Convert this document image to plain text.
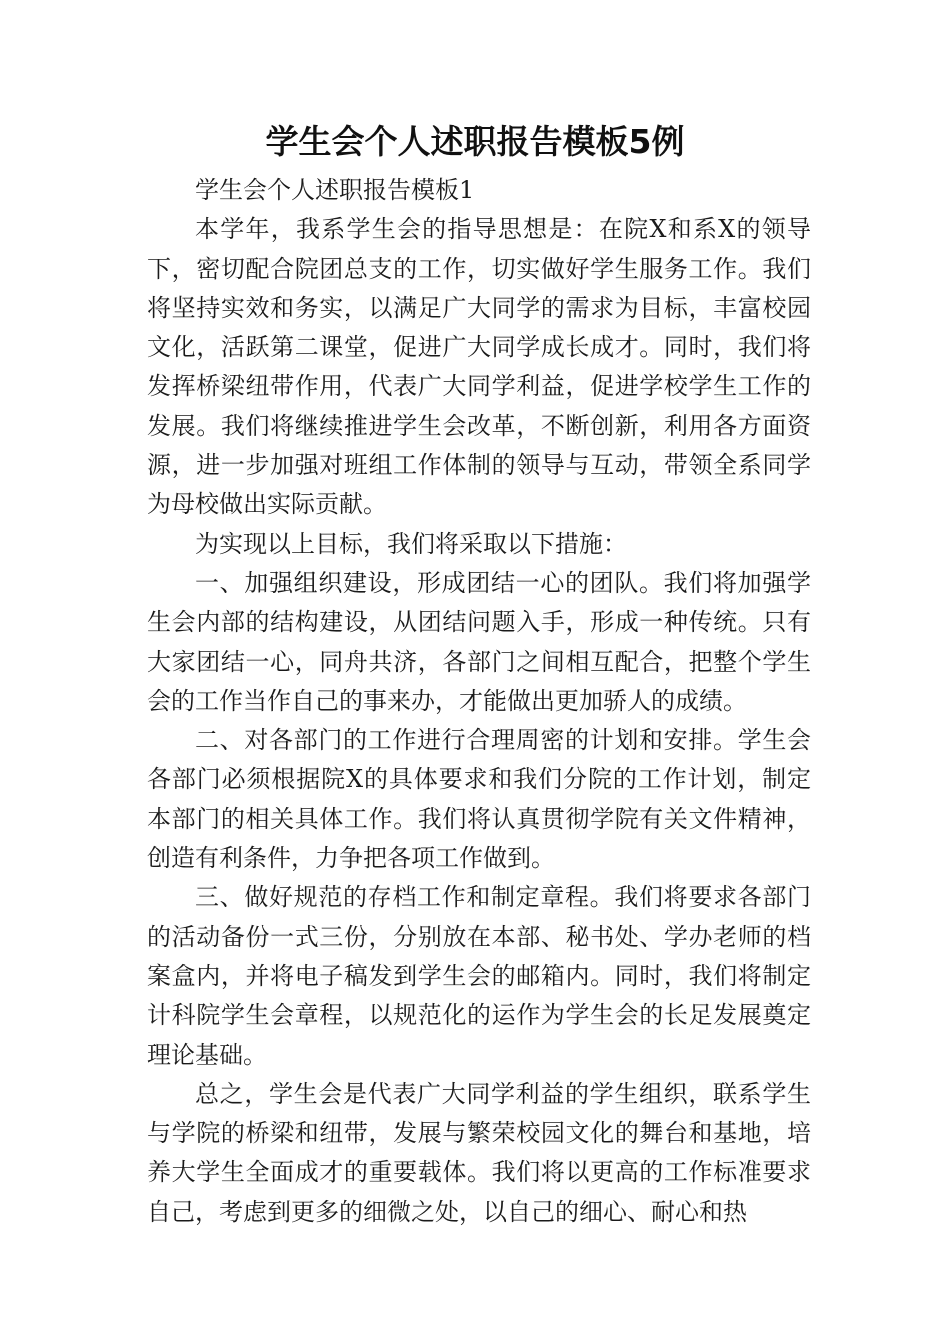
学生会个人述职报告模板5例

学生会个人述职报告模板1

本学年，我系学生会的指导思想是：在院X和系X的领导下，密切配合院团总支的工作，切实做好学生服务工作。我们将坚持实效和务实，以满足广大同学的需求为目标，丰富校园文化，活跃第二课堂，促进广大同学成长成才。同时，我们将发挥桥梁纽带作用，代表广大同学利益，促进学校学生工作的发展。我们将继续推进学生会改革，不断创新，利用各方面资源，进一步加强对班组工作体制的领导与互动，带领全系同学为母校做出实际贡献。

为实现以上目标，我们将采取以下措施：

一、加强组织建设，形成团结一心的团队。我们将加强学生会内部的结构建设，从团结问题入手，形成一种传统。只有大家团结一心，同舟共济，各部门之间相互配合，把整个学生会的工作当作自己的事来办，才能做出更加骄人的成绩。

二、对各部门的工作进行合理周密的计划和安排。学生会各部门必须根据院X的具体要求和我们分院的工作计划，制定本部门的相关具体工作。我们将认真贯彻学院有关文件精神，创造有利条件，力争把各项工作做到。

三、做好规范的存档工作和制定章程。我们将要求各部门的活动备份一式三份，分别放在本部、秘书处、学办老师的档案盒内，并将电子稿发到学生会的邮箱内。同时，我们将制定计科院学生会章程，以规范化的运作为学生会的长足发展奠定理论基础。

总之，学生会是代表广大同学利益的学生组织，联系学生与学院的桥梁和纽带，发展与繁荣校园文化的舞台和基地，培养大学生全面成才的重要载体。我们将以更高的工作标准要求自己，考虑到更多的细微之处，以自己的细心、耐心和热
